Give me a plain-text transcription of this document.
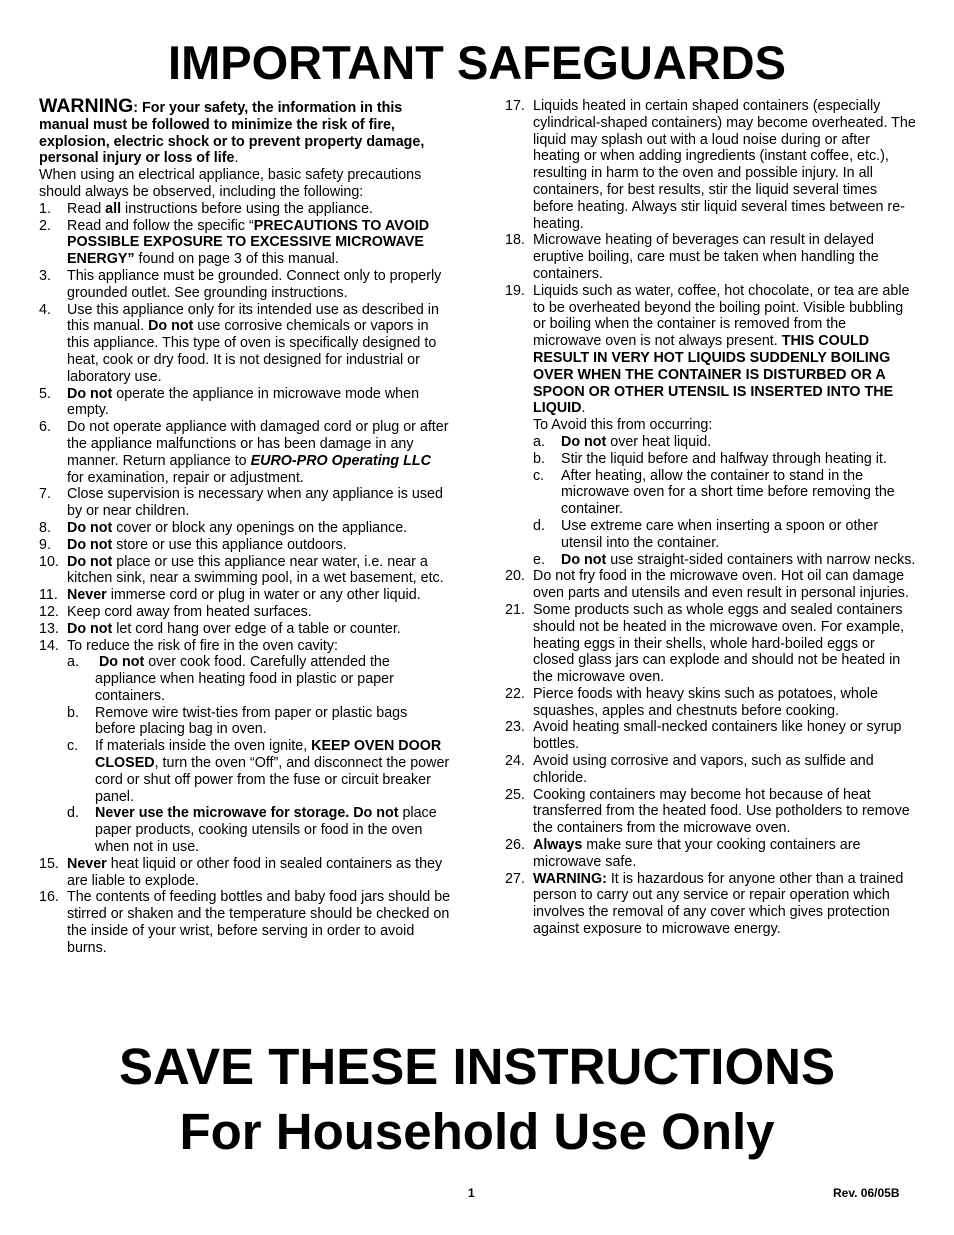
IMPORTANT SAFEGUARDS
WARNING: For your safety, the information in this manual must be followed to minimize the risk of fire, explosion, electric shock or to prevent property damage, personal injury or loss of life.
When using an electrical appliance, basic safety precautions should always be observed, including the following:
1. Read all instructions before using the appliance.
2. Read and follow the specific “PRECAUTIONS TO AVOID POSSIBLE EXPOSURE TO EXCESSIVE MICROWAVE ENERGY” found on page 3 of this manual.
3. This appliance must be grounded. Connect only to properly grounded outlet. See grounding instructions.
4. Use this appliance only for its intended use as described in this manual. Do not use corrosive chemicals or vapors in this appliance. This type of oven is specifically designed to heat, cook or dry food. It is not designed for industrial or laboratory use.
5. Do not operate the appliance in microwave mode when empty.
6. Do not operate appliance with damaged cord or plug or after the appliance malfunctions or has been damage in any manner. Return appliance to EURO-PRO Operating LLC for examination, repair or adjustment.
7. Close supervision is necessary when any appliance is used by or near children.
8. Do not cover or block any openings on the appliance.
9. Do not store or use this appliance outdoors.
10. Do not place or use this appliance near water, i.e. near a kitchen sink, near a swimming pool, in a wet basement, etc.
11. Never immerse cord or plug in water or any other liquid.
12. Keep cord away from heated surfaces.
13. Do not let cord hang over edge of a table or counter.
14. To reduce the risk of fire in the oven cavity:
a. Do not over cook food. Carefully attended the appliance when heating food in plastic or paper containers.
b. Remove wire twist-ties from paper or plastic bags before placing bag in oven.
c. If materials inside the oven ignite, KEEP OVEN DOOR CLOSED, turn the oven “Off”, and disconnect the power cord or shut off power from the fuse or circuit breaker panel.
d. Never use the microwave for storage. Do not place paper products, cooking utensils or food in the oven when not in use.
15. Never heat liquid or other food in sealed containers as they are liable to explode.
16. The contents of feeding bottles and baby food jars should be stirred or shaken and the temperature should be checked on the inside of your wrist, before serving in order to avoid burns.
17. Liquids heated in certain shaped containers (especially cylindrical-shaped containers) may become overheated. The liquid may splash out with a loud noise during or after heating or when adding ingredients (instant coffee, etc.), resulting in harm to the oven and possible injury. In all containers, for best results, stir the liquid several times before heating. Always stir liquid several times between re-heating.
18. Microwave heating of beverages can result in delayed eruptive boiling, care must be taken when handling the containers.
19. Liquids such as water, coffee, hot chocolate, or tea are able to be overheated beyond the boiling point. Visible bubbling or boiling when the container is removed from the microwave oven is not always present. THIS COULD RESULT IN VERY HOT LIQUIDS SUDDENLY BOILING OVER WHEN THE CONTAINER IS DISTURBED OR A SPOON OR OTHER UTENSIL IS INSERTED INTO THE LIQUID.
To Avoid this from occurring:
a. Do not over heat liquid.
b. Stir the liquid before and halfway through heating it.
c. After heating, allow the container to stand in the microwave oven for a short time before removing the container.
d. Use extreme care when inserting a spoon or other utensil into the container.
e. Do not use straight-sided containers with narrow necks.
20. Do not fry food in the microwave oven. Hot oil can damage oven parts and utensils and even result in personal injuries.
21. Some products such as whole eggs and sealed containers should not be heated in the microwave oven. For example, heating eggs in their shells, whole hard-boiled eggs or closed glass jars can explode and should not be heated in the microwave oven.
22. Pierce foods with heavy skins such as potatoes, whole squashes, apples and chestnuts before cooking.
23. Avoid heating small-necked containers like honey or syrup bottles.
24. Avoid using corrosive and vapors, such as sulfide and chloride.
25. Cooking containers may become hot because of heat transferred from the heated food. Use potholders to remove the containers from the microwave oven.
26. Always make sure that your cooking containers are microwave safe.
27. WARNING: It is hazardous for anyone other than a trained person to carry out any service or repair operation which involves the removal of any cover which gives protection against exposure to microwave energy.
SAVE THESE INSTRUCTIONS
For Household Use Only
1	Rev. 06/05B
